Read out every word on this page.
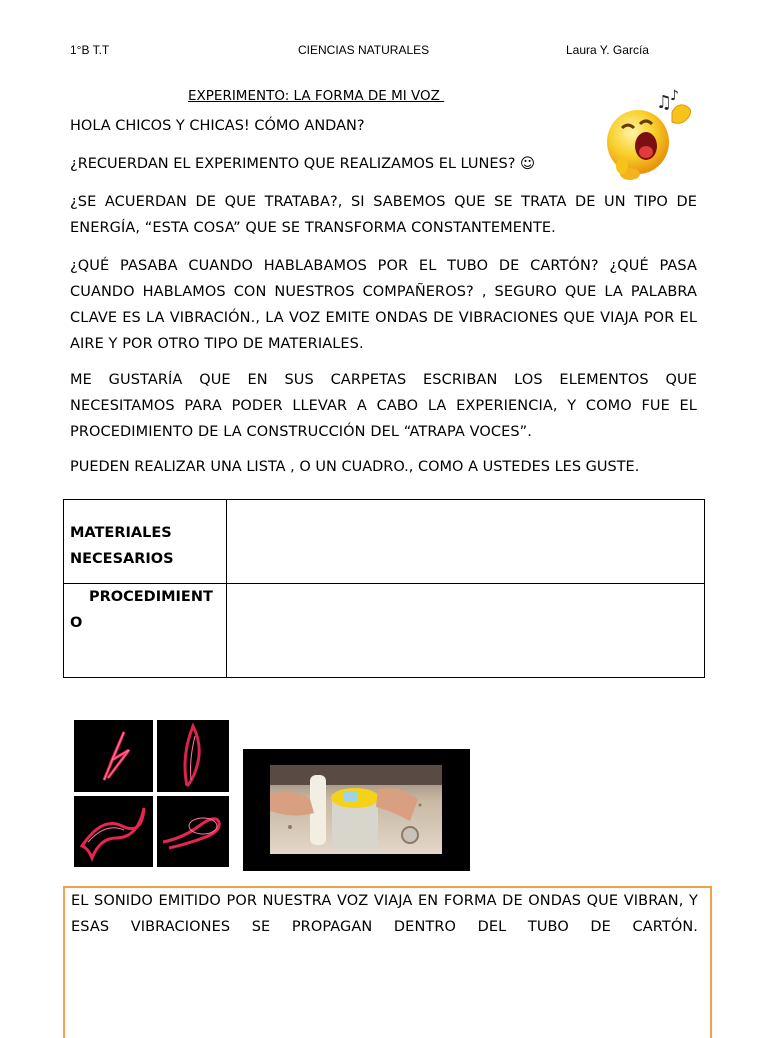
1°B T.T	CIENCIAS NATURALES	Laura Y. García
EXPERIMENTO: LA FORMA DE MI VOZ	♫
♪
HOLA CHICOS Y CHICAS! CÓMO ANDAN?
¿RECUERDAN EL EXPERIMENTO QUE REALIZAMOS EL LUNES? ☺
¿SE ACUERDAN DE QUE TRATABA?, SI SABEMOS QUE SE TRATA DE UN TIPO DE ENERGÍA, “ESTA COSA” QUE SE TRANSFORMA CONSTANTEMENTE.
¿QUÉ PASABA CUANDO HABLABAMOS POR EL TUBO DE CARTÓN? ¿QUÉ PASA CUANDO HABLAMOS CON NUESTROS COMPAÑEROS? , SEGURO QUE LA PALABRA CLAVE ES LA VIBRACIÓN., LA VOZ EMITE ONDAS DE VIBRACIONES QUE VIAJA POR EL AIRE Y POR OTRO TIPO DE MATERIALES.
ME GUSTARÍA QUE EN SUS CARPETAS ESCRIBAN LOS ELEMENTOS QUE NECESITAMOS PARA PODER LLEVAR A CABO LA EXPERIENCIA, Y COMO FUE EL PROCEDIMIENTO DE LA CONSTRUCCIÓN DEL “ATRAPA VOCES”.
PUEDEN REALIZAR UNA LISTA , O UN CUADRO., COMO A USTEDES LES GUSTE.
MATERIALES
NECESARIOS	

PROCEDIMIENT
O	

EL SONIDO EMITIDO POR NUESTRA VOZ VIAJA EN FORMA DE ONDAS QUE VIBRAN, Y ESAS VIBRACIONES SE PROPAGAN DENTRO DEL TUBO DE CARTÓN.
